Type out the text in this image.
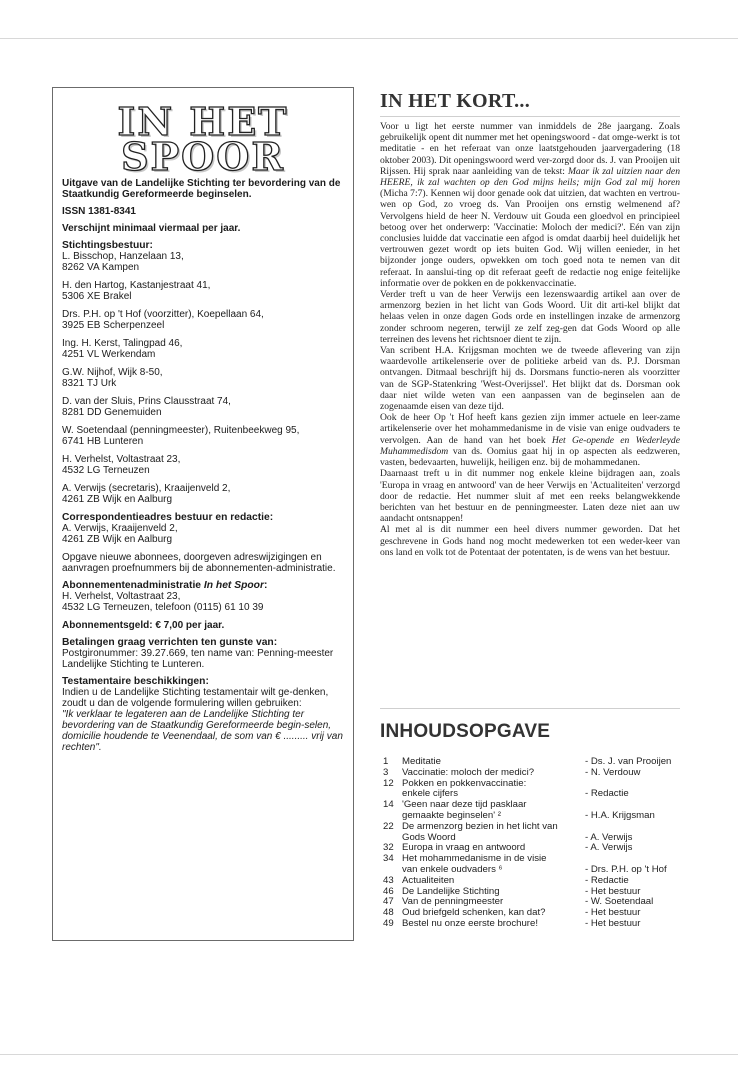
IN HET
SPOOR

Uitgave van de Landelijke Stichting ter bevordering van de Staatkundig Gereformeerde beginselen.

ISSN 1381-8341

Verschijnt minimaal viermaal per jaar.

Stichtingsbestuur:
L. Bisschop, Hanzelaan 13,
8262 VA Kampen
H. den Hartog, Kastanjestraat 41,
5306 XE Brakel
Drs. P.H. op 't Hof (voorzitter), Koepellaan 64,
3925 EB Scherpenzeel
Ing. H. Kerst, Talingpad 46,
4251 VL Werkendam
G.W. Nijhof, Wijk 8-50,
8321 TJ Urk
D. van der Sluis, Prins Clausstraat 74,
8281 DD Genemuiden
W. Soetendaal (penningmeester), Ruitenbeekweg 95,
6741 HB Lunteren
H. Verhelst, Voltastraat 23,
4532 LG Terneuzen
A. Verwijs (secretaris), Kraaijenveld 2,
4261 ZB Wijk en Aalburg
Correspondentieadres bestuur en redactie:
A. Verwijs, Kraaijenveld 2,
4261 ZB Wijk en Aalburg

Opgave nieuwe abonnees, doorgeven adreswijzigingen en aanvragen proefnummers bij de abonnementen-administratie.

Abonnementenadministratie In het Spoor:
H. Verhelst, Voltastraat 23,
4532 LG Terneuzen, telefoon (0115) 61 10 39

Abonnementsgeld: € 7,00 per jaar.

Betalingen graag verrichten ten gunste van:

Postgironummer: 39.27.669, ten name van: Penning-meester Landelijke Stichting te Lunteren.

Testamentaire beschikkingen:
Indien u de Landelijke Stichting testamentair wilt ge-denken, zoudt u dan de volgende formulering willen gebruiken:
"Ik verklaar te legateren aan de Landelijke Stichting ter bevordering van de Staatkundig Gereformeerde begin-selen, domicilie houdende te Veenendaal, de som van € ......... vrij van rechten".
IN HET KORT...

Voor u ligt het eerste nummer van inmiddels de 28e jaargang. Zoals gebruikelijk opent dit nummer met het openingswoord - dat omge-werkt is tot meditatie - en het referaat van onze laatstgehouden jaarvergadering (18 oktober 2003). Dit openingswoord werd ver-zorgd door ds. J. van Prooijen uit Rijssen. Hij sprak naar aanleiding van de tekst: Maar ik zal uitzien naar den HEERE, ik zal wachten op den God mijns heils; mijn God zal mij horen (Micha 7:7). Kennen wij door genade ook dat uitzien, dat wachten en vertrou-wen op God, zo vroeg ds. Van Prooijen ons ernstig welmenend af? Vervolgens hield de heer N. Verdouw uit Gouda een gloedvol en principieel betoog over het onderwerp: 'Vaccinatie: Moloch der medici?'. Eén van zijn conclusies luidde dat vaccinatie een afgod is omdat daarbij heel duidelijk het vertrouwen gezet wordt op iets buiten God. Wij willen eenieder, in het bijzonder jonge ouders, opwekken om toch goed nota te nemen van dit referaat. In aanslui-ting op dit referaat geeft de redactie nog enige feitelijke informatie over de pokken en de pokkenvaccinatie.

Verder treft u van de heer Verwijs een lezenswaardig artikel aan over de armenzorg bezien in het licht van Gods Woord. Uit dit arti-kel blijkt dat helaas velen in onze dagen Gods orde en instellingen inzake de armenzorg zonder schroom negeren, terwijl ze zelf zeg-gen dat Gods Woord op alle terreinen des levens het richtsnoer dient te zijn.

Van scribent H.A. Krijgsman mochten we de tweede aflevering van zijn waardevolle artikelenserie over de politieke arbeid van ds. P.J. Dorsman ontvangen. Ditmaal beschrijft hij ds. Dorsmans functio-neren als voorzitter van de SGP-Statenkring 'West-Overijssel'. Het blijkt dat ds. Dorsman ook daar niet wilde weten van een aanpassen van de beginselen aan de zogenaamde eisen van deze tijd.

Ook de heer Op 't Hof heeft kans gezien zijn immer actuele en leer-zame artikelenserie over het mohammedanisme in de visie van enige oudvaders te vervolgen. Aan de hand van het boek Het Ge-opende en Wederleyde Muhammedisdom van ds. Oomius gaat hij in op aspecten als eedzweren, vasten, bedevaarten, huwelijk, heiligen enz. bij de mohammedanen.

Daarnaast treft u in dit nummer nog enkele kleine bijdragen aan, zoals 'Europa in vraag en antwoord' van de heer Verwijs en 'Actualiteiten' verzorgd door de redactie. Het nummer sluit af met een reeks belangwekkende berichten van het bestuur en de penningmeester. Laten deze niet aan uw aandacht ontsnappen!

Al met al is dit nummer een heel divers nummer geworden. Dat het geschrevene in Gods hand nog mocht medewerken tot een weder-keer van ons land en volk tot de Potentaat der potentaten, is de wens van het bestuur.

INHOUDSOPGAVE
1	Meditatie	- Ds. J. van Prooijen
3	Vaccinatie: moloch der medici?	- N. Verdouw
12 Pokken en pokkenvaccinatie:
enkele cijfers	- Redactie
14 'Geen naar deze tijd pasklaar
gemaakte beginselen' ²	- H.A. Krijgsman
22 De armenzorg bezien in het licht van
Gods Woord	- A. Verwijs
32 Europa in vraag en antwoord	- A. Verwijs
34 Het mohammedanisme in de visie
van enkele oudvaders ⁶	- Drs. P.H. op 't Hof
43 Actualiteiten	- Redactie
46 De Landelijke Stichting	- Het bestuur
47 Van de penningmeester	- W. Soetendaal
48 Oud briefgeld schenken, kan dat?	- Het bestuur
49 Bestel nu onze eerste brochure!	- Het bestuur
